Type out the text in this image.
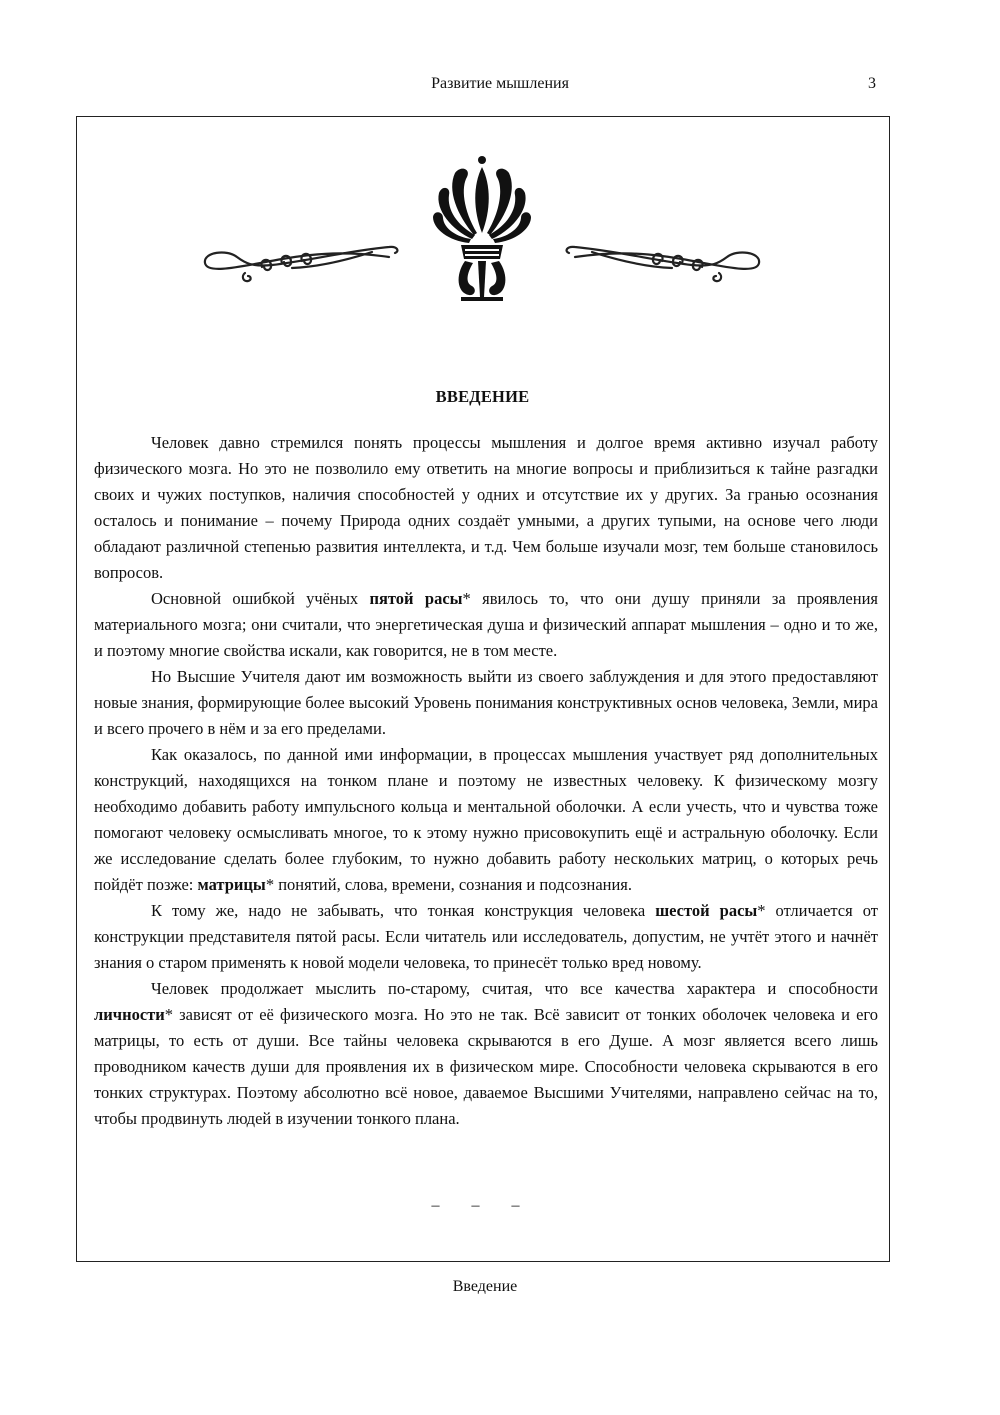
Развитие мышления	3
ВВЕДЕНИЕ

Человек давно стремился понять процессы мышления и долгое время активно изучал работу физического мозга. Но это не позволило ему ответить на многие вопросы и приблизиться к тайне разгадки своих и чужих поступков, наличия способностей у одних и отсутствие их у других. За гранью осознания осталось и понимание – почему Природа одних создаёт умными, а других тупыми, на основе чего люди обладают различной степенью развития интеллекта, и т.д. Чем больше изучали мозг, тем больше становилось вопросов.

Основной ошибкой учёных пятой расы* явилось то, что они душу приняли за проявления материального мозга; они считали, что энергетическая душа и физический аппарат мышления – одно и то же, и поэтому многие свойства искали, как говорится, не в том месте.

Но Высшие Учителя дают им возможность выйти из своего заблуждения и для этого предоставляют новые знания, формирующие более высокий Уровень понимания конструктивных основ человека, Земли, мира и всего прочего в нём и за его пределами.

Как оказалось, по данной ими информации, в процессах мышления участвует ряд дополнительных конструкций, находящихся на тонком плане и поэтому не известных человеку. К физическому мозгу необходимо добавить работу импульсного кольца и ментальной оболочки. А если учесть, что и чувства тоже помогают человеку осмысливать многое, то к этому нужно присовокупить ещё и астральную оболочку. Если же исследование сделать более глубоким, то нужно добавить работу нескольких матриц, о которых речь пойдёт позже: матрицы* понятий, слова, времени, сознания и подсознания.

К тому же, надо не забывать, что тонкая конструкция человека шестой расы* отличается от конструкции представителя пятой расы. Если читатель или исследователь, допустим, не учтёт этого и начнёт знания о старом применять к новой модели человека, то принесёт только вред новому.

Человек продолжает мыслить по-старому, считая, что все качества характера и способности личности* зависят от её физического мозга. Но это не так. Всё зависит от тонких оболочек человека и его матрицы, то есть от души. Все тайны человека скрываются в его Душе. А мозг является всего лишь проводником качеств души для проявления их в физическом мире. Способности человека скрываются в его тонких структурах. Поэтому абсолютно всё новое, даваемое Высшими Учителями, направлено сейчас на то, чтобы продвинуть людей в изучении тонкого плана.

– – –
Введение
